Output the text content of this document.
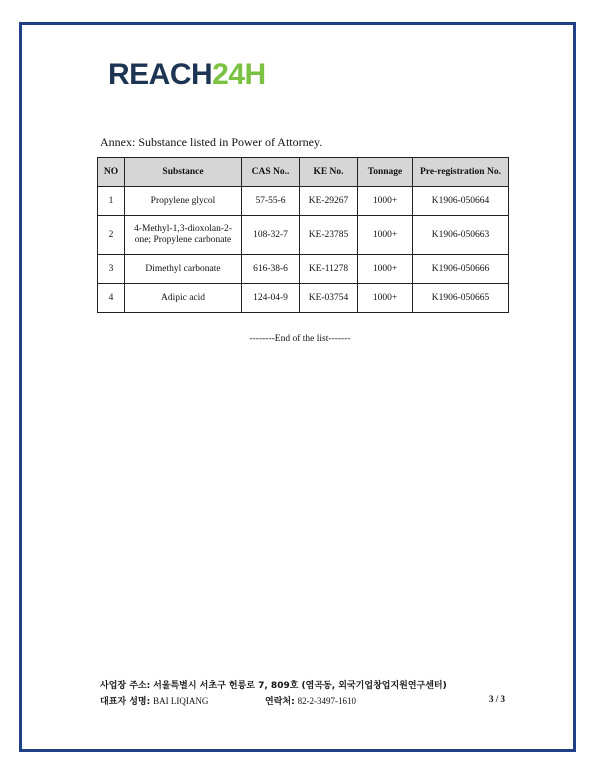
REACH24H
Annex: Substance listed in Power of Attorney.
NO	Substance	CAS No..	KE No.	Tonnage	Pre-registration No.
1	Propylene glycol	57-55-6	KE-29267	1000+	K1906-050664
2	4-Methyl-1,3-dioxolan-2-one; Propylene carbonate	108-32-7	KE-23785	1000+	K1906-050663
3	Dimethyl carbonate	616-38-6	KE-11278	1000+	K1906-050666
4	Adipic acid	124-04-9	KE-03754	1000+	K1906-050665
--------End of the list-------
사업장 주소: 서울특별시 서초구 헌릉로 7, 809호 (염곡동, 외국기업창업지원연구센터)
대표자 성명: BAI LIQIANG	연락처: 82-2-3497-1610	3 / 3
